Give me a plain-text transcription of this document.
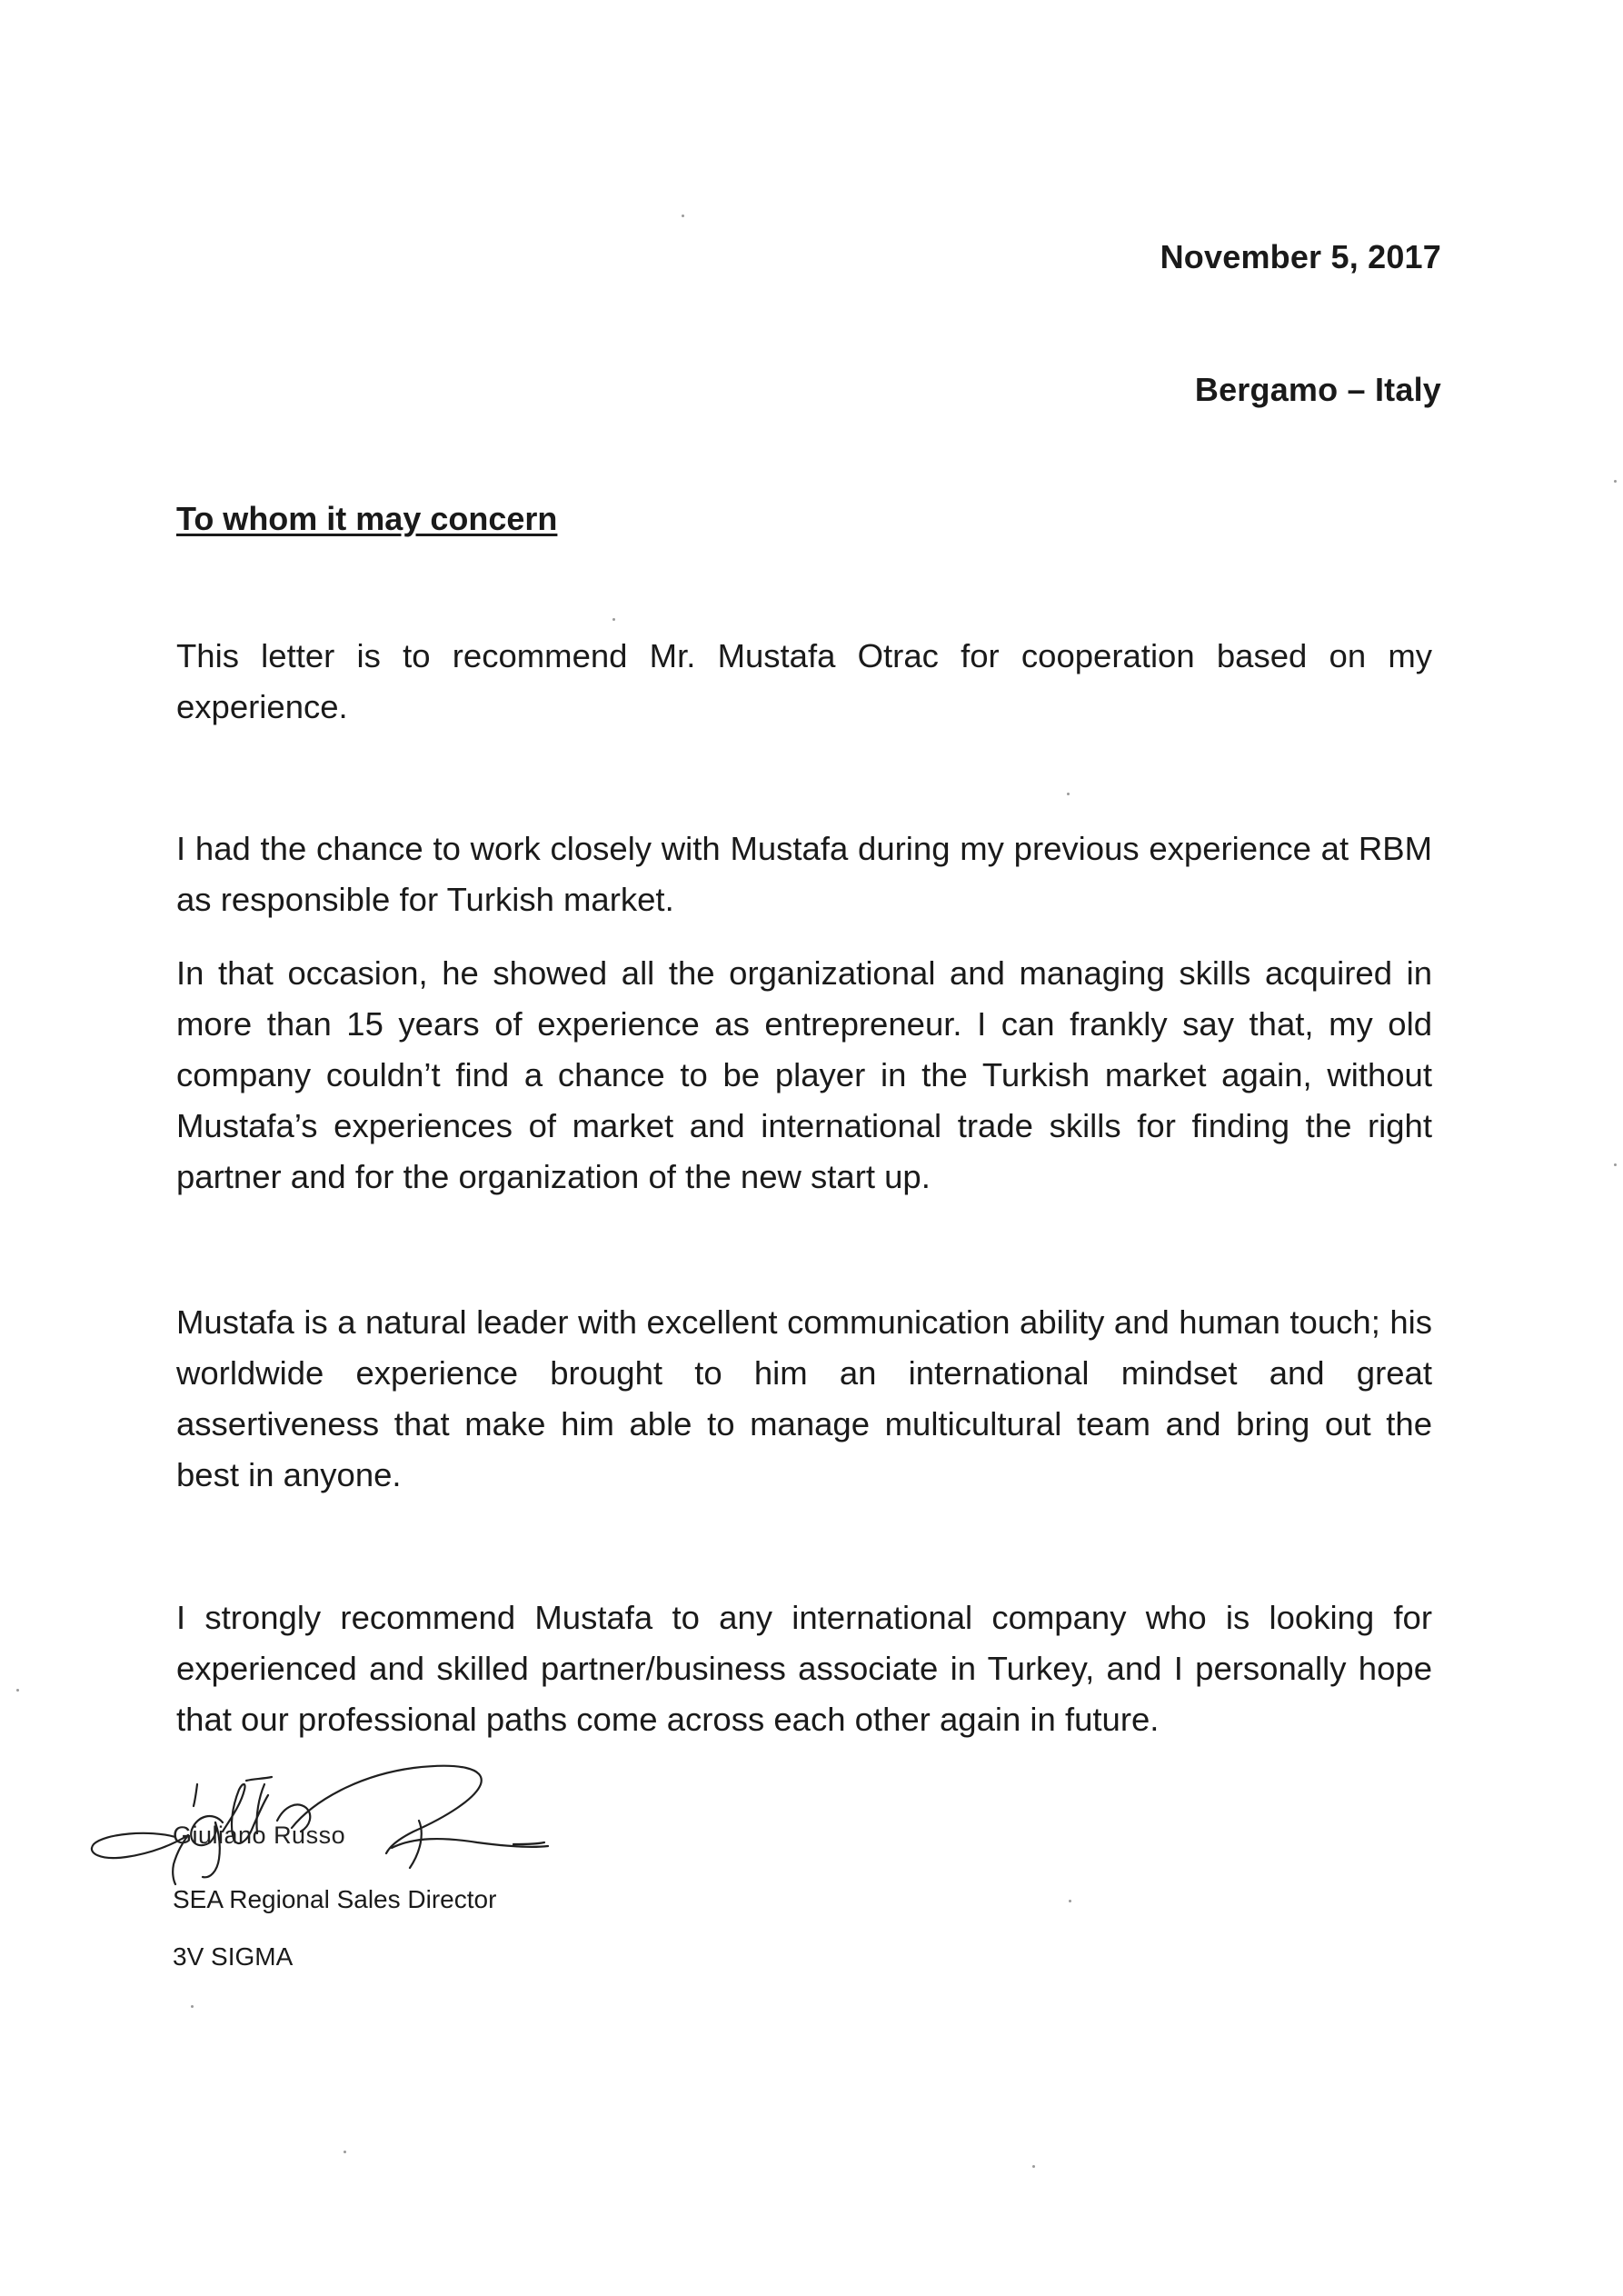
November 5, 2017
Bergamo – Italy
To whom it may concern
This letter is to recommend Mr. Mustafa Otrac for cooperation based on my experience.
I had the chance to work closely with Mustafa during my previous experience at RBM as responsible for Turkish market.
In that occasion, he showed all the organizational and managing skills acquired in more than 15 years of experience as entrepreneur. I can frankly say that, my old company couldn’t find a chance to be player in the Turkish market again, without Mustafa’s experiences of market and international trade skills for finding the right partner and for the organization of the new start up.
Mustafa is a natural leader with excellent communication ability and human touch; his worldwide experience brought to him an international mindset and great assertiveness that make him able to manage multicultural team and bring out the best in anyone.
I strongly recommend Mustafa to any international company who is looking for experienced and skilled partner/business associate in Turkey, and I personally hope that our professional paths come across each other again in future.
Giuliano Russo
SEA Regional Sales Director
3V SIGMA
